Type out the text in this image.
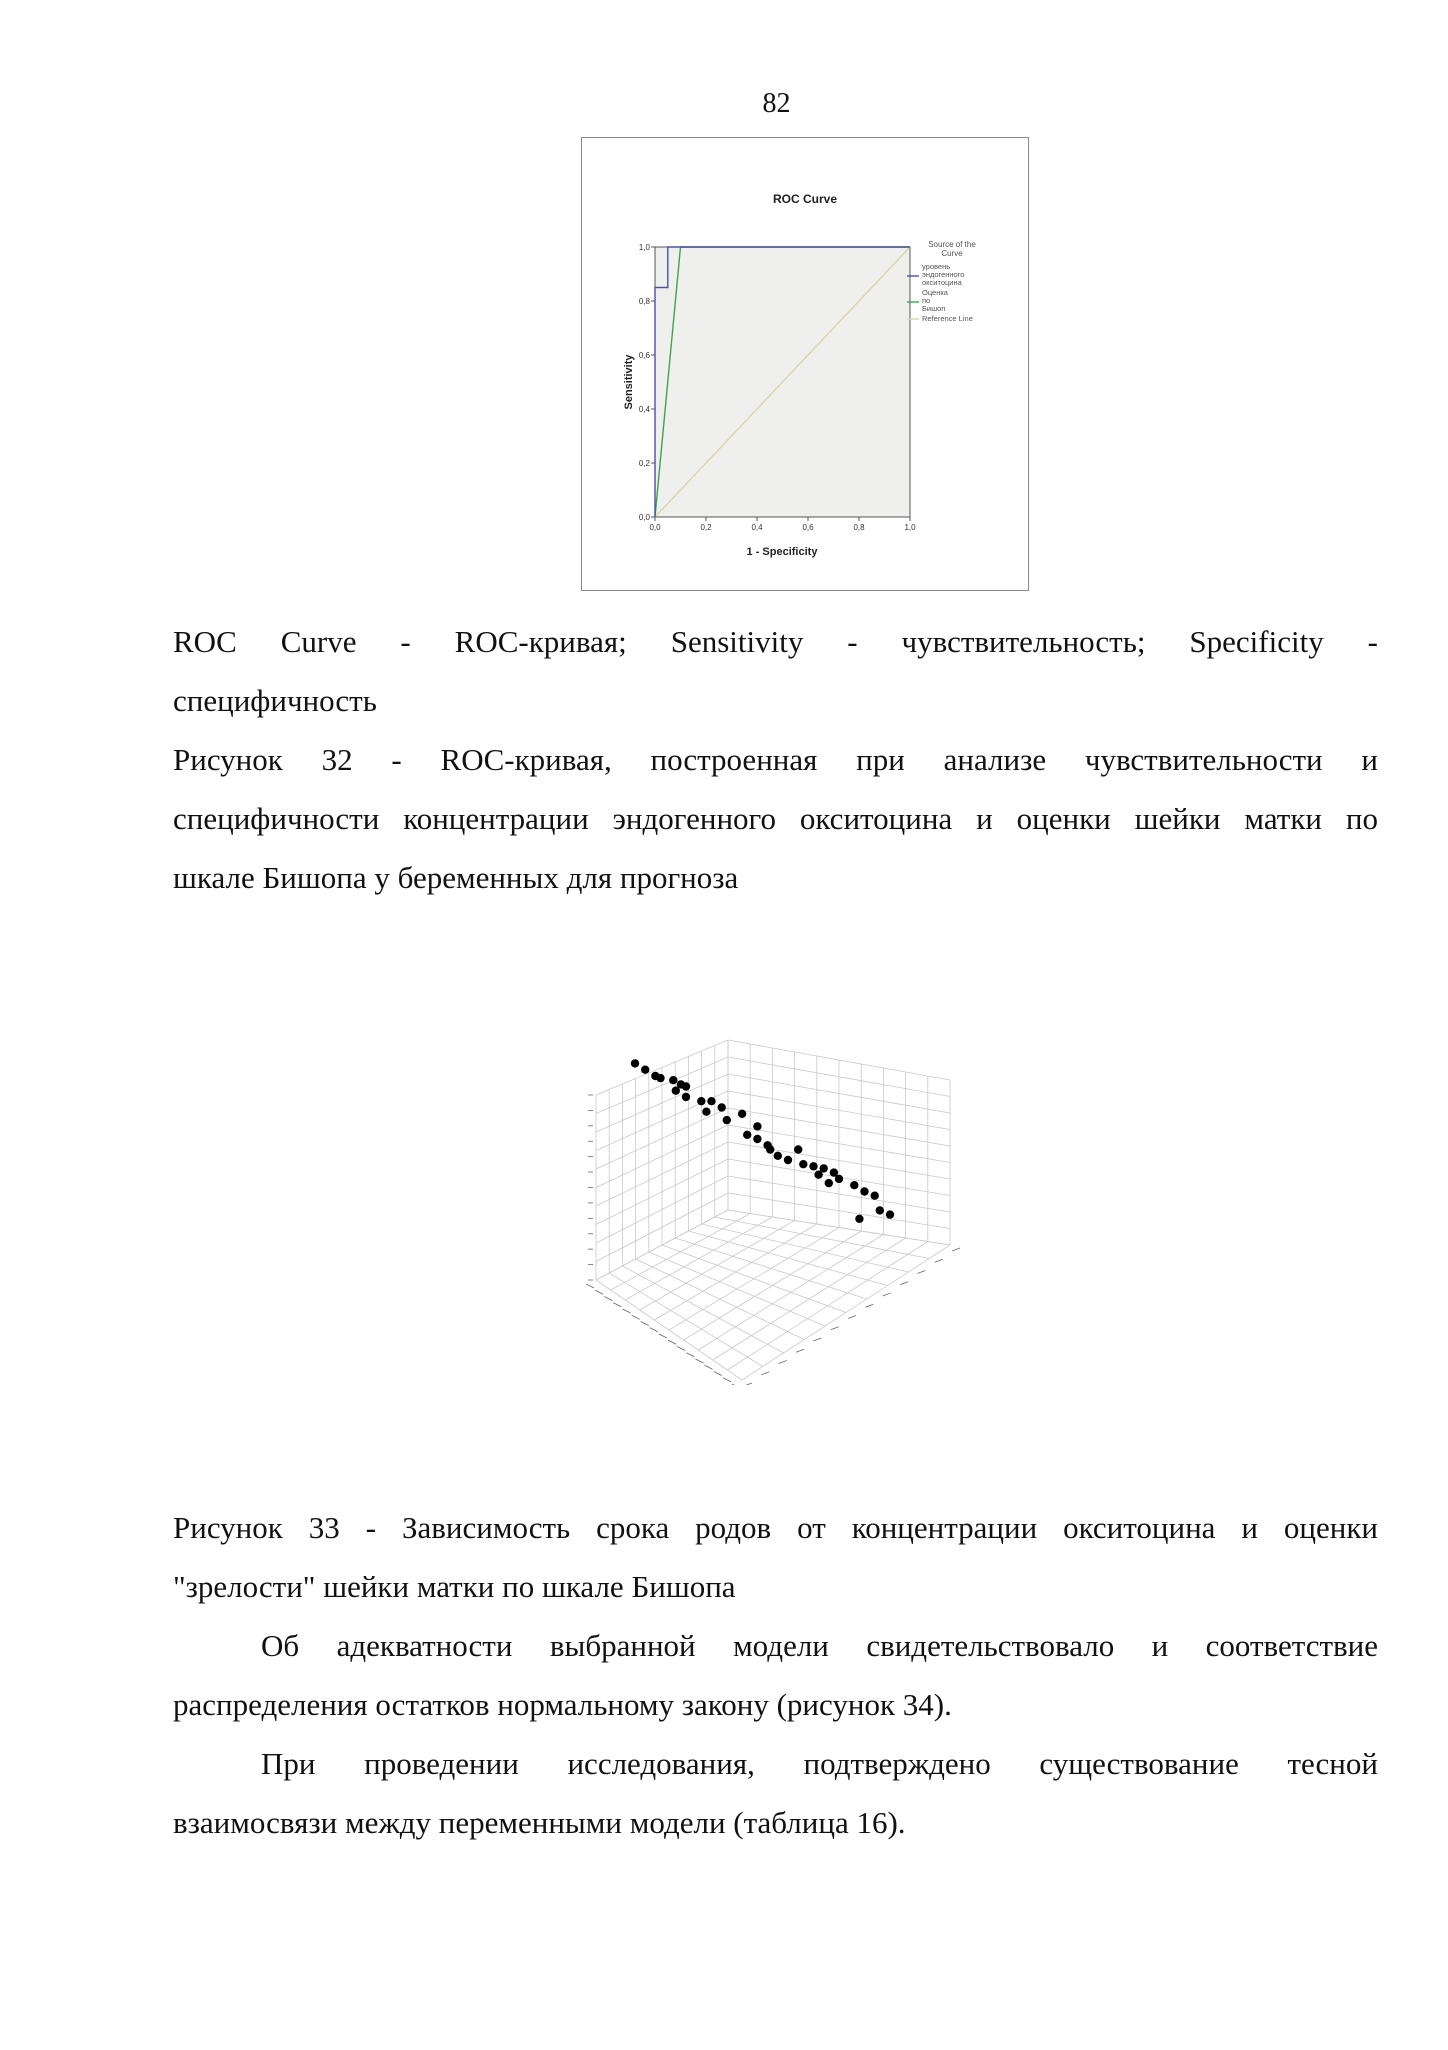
82
ROC Curve
0,0	0,2	0,4	0,6	0,8	1,0
0,0
0,2
0,4
0,6
0,8
1,0
Sensitivity
1 - Specificity
Source of the
Curve
уровень
эндогенного
окситоцина
Оценка
по
Бишоп
Reference Line

ROC Curve - ROC-кривая; Sensitivity - чувствительность; Specificity -
специфичность

Рисунок 32 - ROC-кривая, построенная при анализе чувствительности и
специфичности концентрации эндогенного окситоцина и оценки шейки матки по
шкале Бишопа у беременных для прогноза

Рисунок 33 - Зависимость срока родов от концентрации окситоцина и оценки
"зрелости" шейки матки по шкале Бишопа

Об адекватности выбранной модели свидетельствовало и соответствие
распределения остатков нормальному закону (рисунок 34).

При проведении исследования, подтверждено существование тесной
взаимосвязи между переменными модели (таблица 16).
